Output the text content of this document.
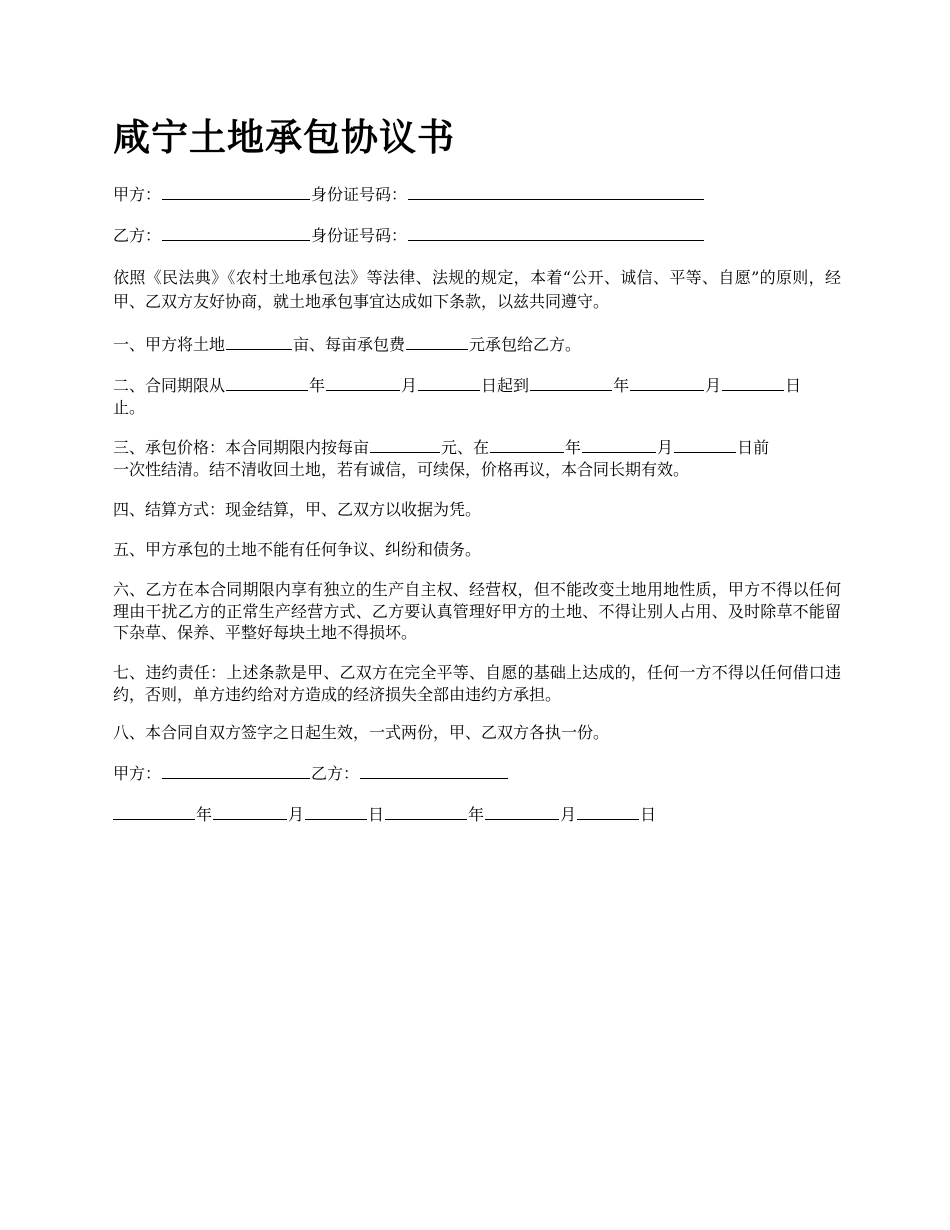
咸宁土地承包协议书
甲方：	身份证号码：
乙方：	身份证号码：

依照《民法典》《农村土地承包法》等法律、法规的规定，本着“公开、诚信、平等、自愿”的原则，经甲、乙双方友好协商，就土地承包事宜达成如下条款，以兹共同遵守。

一、甲方将土地	亩、每亩承包费	元承包给乙方。
二、合同期限从	年	月	日起到	年	月	日
止。
三、承包价格：本合同期限内按每亩	元、在	年	月	日前
一次性结清。结不清收回土地，若有诚信，可续保，价格再议，本合同长期有效。
四、结算方式：现金结算，甲、乙双方以收据为凭。
五、甲方承包的土地不能有任何争议、纠纷和债务。

六、乙方在本合同期限内享有独立的生产自主权、经营权，但不能改变土地用地性质，甲方不得以任何理由干扰乙方的正常生产经营方式、乙方要认真管理好甲方的土地、不得让别人占用、及时除草不能留下杂草、保养、平整好每块土地不得损坏。

七、违约责任：上述条款是甲、乙双方在完全平等、自愿的基础上达成的，任何一方不得以任何借口违约，否则，单方违约给对方造成的经济损失全部由违约方承担。

八、本合同自双方签字之日起生效，一式两份，甲、乙双方各执一份。
甲方：	乙方：
年	月	日	年	月	日
